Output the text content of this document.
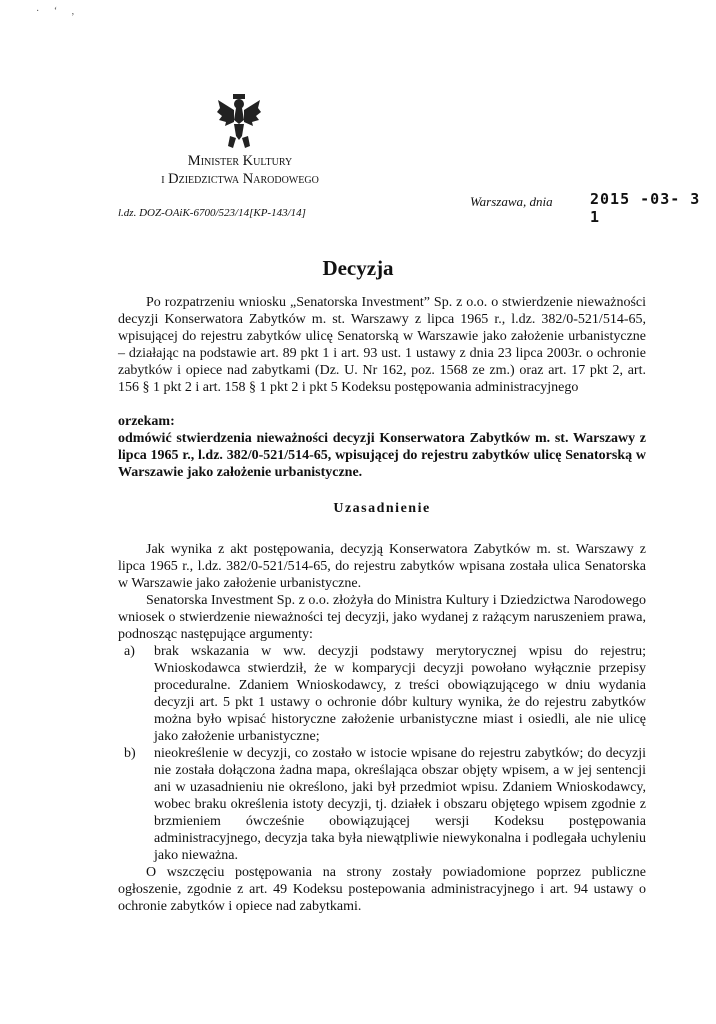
· ‘ ,
Minister Kultury
i Dziedzictwa Narodowego
l.dz. DOZ-OAiK-6700/523/14[KP-143/14]
Warszawa, dnia 2015 -03- 3 1
Decyzja

Po rozpatrzeniu wniosku „Senatorska Investment” Sp. z o.o. o stwierdzenie nieważności decyzji Konserwatora Zabytków m. st. Warszawy z lipca 1965 r., l.dz. 382/0-521/514-65, wpisującej do rejestru zabytków ulicę Senatorską w Warszawie jako założenie urbanistyczne – działając na podstawie art. 89 pkt 1 i art. 93 ust. 1 ustawy z dnia 23 lipca 2003r. o ochronie zabytków i opiece nad zabytkami (Dz. U. Nr 162, poz. 1568 ze zm.) oraz art. 17 pkt 2, art. 156 § 1 pkt 2 i art. 158 § 1 pkt 2 i pkt 5 Kodeksu postępowania administracyjnego

orzekam:

odmówić stwierdzenia nieważności decyzji Konserwatora Zabytków m. st. Warszawy z lipca 1965 r., l.dz. 382/0-521/514-65, wpisującej do rejestru zabytków ulicę Senatorską w Warszawie jako założenie urbanistyczne.

Uzasadnienie

Jak wynika z akt postępowania, decyzją Konserwatora Zabytków m. st. Warszawy z lipca 1965 r., l.dz. 382/0-521/514-65, do rejestru zabytków wpisana została ulica Senatorska w Warszawie jako założenie urbanistyczne.

Senatorska Investment Sp. z o.o. złożyła do Ministra Kultury i Dziedzictwa Narodowego wniosek o stwierdzenie nieważności tej decyzji, jako wydanej z rażącym naruszeniem prawa, podnosząc następujące argumenty:

a) brak wskazania w ww. decyzji podstawy merytorycznej wpisu do rejestru; Wnioskodawca stwierdził, że w komparycji decyzji powołano wyłącznie przepisy proceduralne. Zdaniem Wnioskodawcy, z treści obowiązującego w dniu wydania decyzji art. 5 pkt 1 ustawy o ochronie dóbr kultury wynika, że do rejestru zabytków można było wpisać historyczne założenie urbanistyczne miast i osiedli, ale nie ulicę jako założenie urbanistyczne;
b) nieokreślenie w decyzji, co zostało w istocie wpisane do rejestru zabytków; do decyzji nie została dołączona żadna mapa, określająca obszar objęty wpisem, a w jej sentencji ani w uzasadnieniu nie określono, jaki był przedmiot wpisu. Zdaniem Wnioskodawcy, wobec braku określenia istoty decyzji, tj. działek i obszaru objętego wpisem zgodnie z brzmieniem ówcześnie obowiązującej wersji Kodeksu postępowania administracyjnego, decyzja taka była niewątpliwie niewykonalna i podlegała uchyleniu jako nieważna.

O wszczęciu postępowania na strony zostały powiadomione poprzez publiczne ogłoszenie, zgodnie z art. 49 Kodeksu postepowania administracyjnego i art. 94 ustawy o ochronie zabytków i opiece nad zabytkami.
